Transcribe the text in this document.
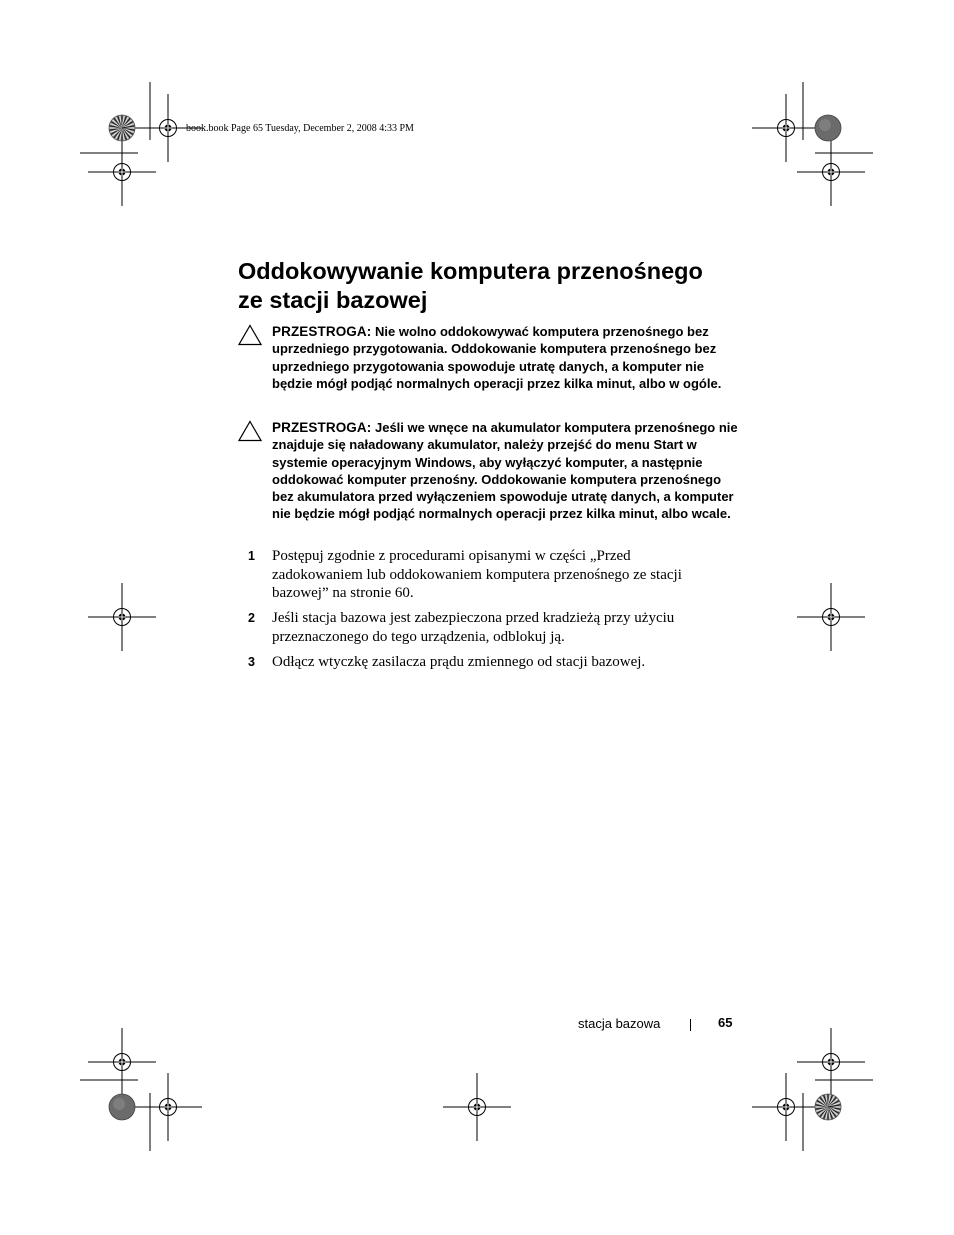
book.book Page 65 Tuesday, December 2, 2008 4:33 PM
Oddokowywanie komputera przenośnego
ze stacji bazowej
PRZESTROGA: Nie wolno oddokowywać komputera przenośnego bez uprzedniego przygotowania. Oddokowanie komputera przenośnego bez uprzedniego przygotowania spowoduje utratę danych, a komputer nie będzie mógł podjąć normalnych operacji przez kilka minut, albo w ogóle.
PRZESTROGA: Jeśli we wnęce na akumulator komputera przenośnego nie znajduje się naładowany akumulator, należy przejść do menu Start w systemie operacyjnym Windows, aby wyłączyć komputer, a następnie oddokować komputer przenośny. Oddokowanie komputera przenośnego bez akumulatora przed wyłączeniem spowoduje utratę danych, a komputer nie będzie mógł podjąć normalnych operacji przez kilka minut, albo wcale.
1 Postępuj zgodnie z procedurami opisanymi w części „Przed zadokowaniem lub oddokowaniem komputera przenośnego ze stacji bazowej” na stronie 60.
2 Jeśli stacja bazowa jest zabezpieczona przed kradzieżą przy użyciu przeznaczonego do tego urządzenia, odblokuj ją.
3 Odłącz wtyczkę zasilacza prądu zmiennego od stacji bazowej.
stacja bazowa	65
